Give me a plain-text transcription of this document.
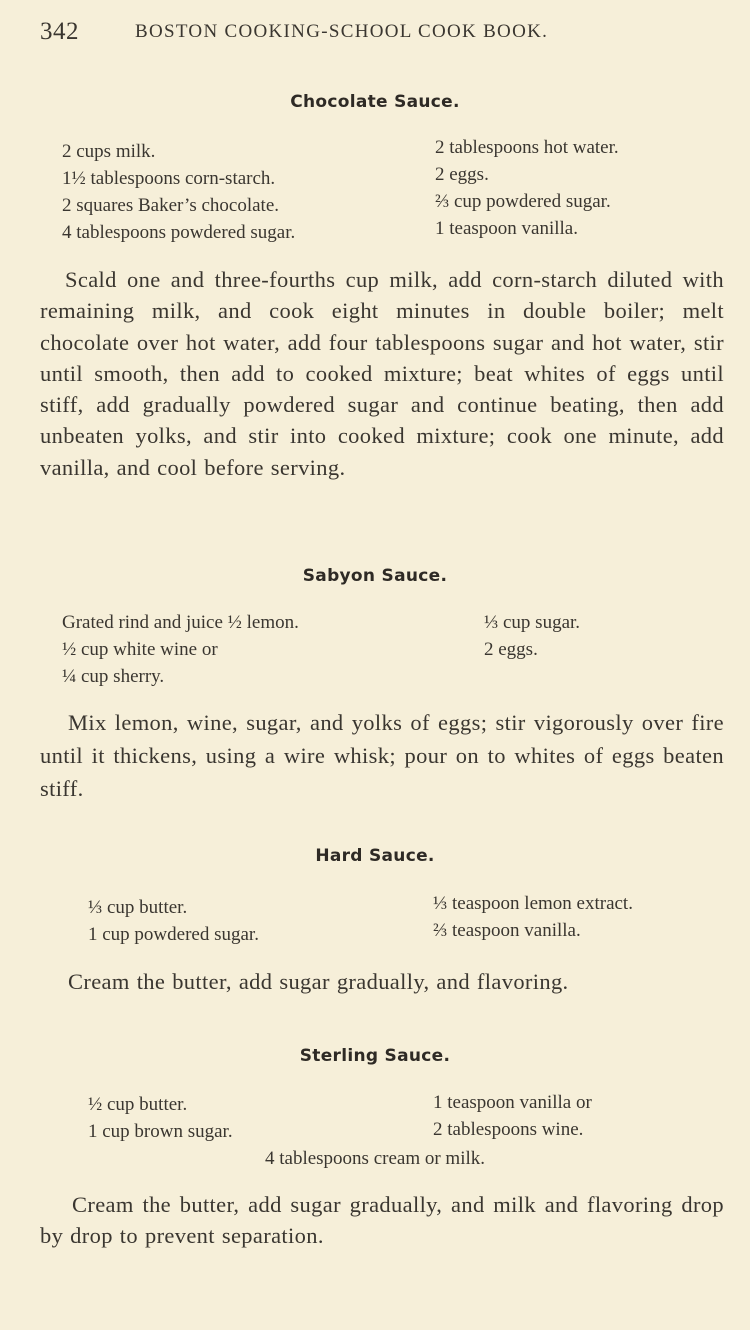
342	BOSTON COOKING-SCHOOL COOK BOOK.
Chocolate Sauce.
2 cups milk.
1½ tablespoons corn-starch.
2 squares Baker’s chocolate.
4 tablespoons powdered sugar.
2 tablespoons hot water.
2 eggs.
⅔ cup powdered sugar.
1 teaspoon vanilla.
Scald one and three-fourths cup milk, add corn-starch diluted with remaining milk, and cook eight minutes in double boiler; melt chocolate over hot water, add four tablespoons sugar and hot water, stir until smooth, then add to cooked mixture; beat whites of eggs until stiff, add gradually powdered sugar and continue beating, then add unbeaten yolks, and stir into cooked mixture; cook one minute, add vanilla, and cool before serving.
Sabyon Sauce.
Grated rind and juice ½ lemon.
½ cup white wine or
¼ cup sherry.
⅓ cup sugar.
2 eggs.
Mix lemon, wine, sugar, and yolks of eggs; stir vigorously over fire until it thickens, using a wire whisk; pour on to whites of eggs beaten stiff.
Hard Sauce.
⅓ cup butter.
1 cup powdered sugar.
⅓ teaspoon lemon extract.
⅔ teaspoon vanilla.
Cream the butter, add sugar gradually, and flavoring.
Sterling Sauce.
½ cup butter.
1 cup brown sugar.
1 teaspoon vanilla or
2 tablespoons wine.
4 tablespoons cream or milk.
Cream the butter, add sugar gradually, and milk and flavoring drop by drop to prevent separation.
